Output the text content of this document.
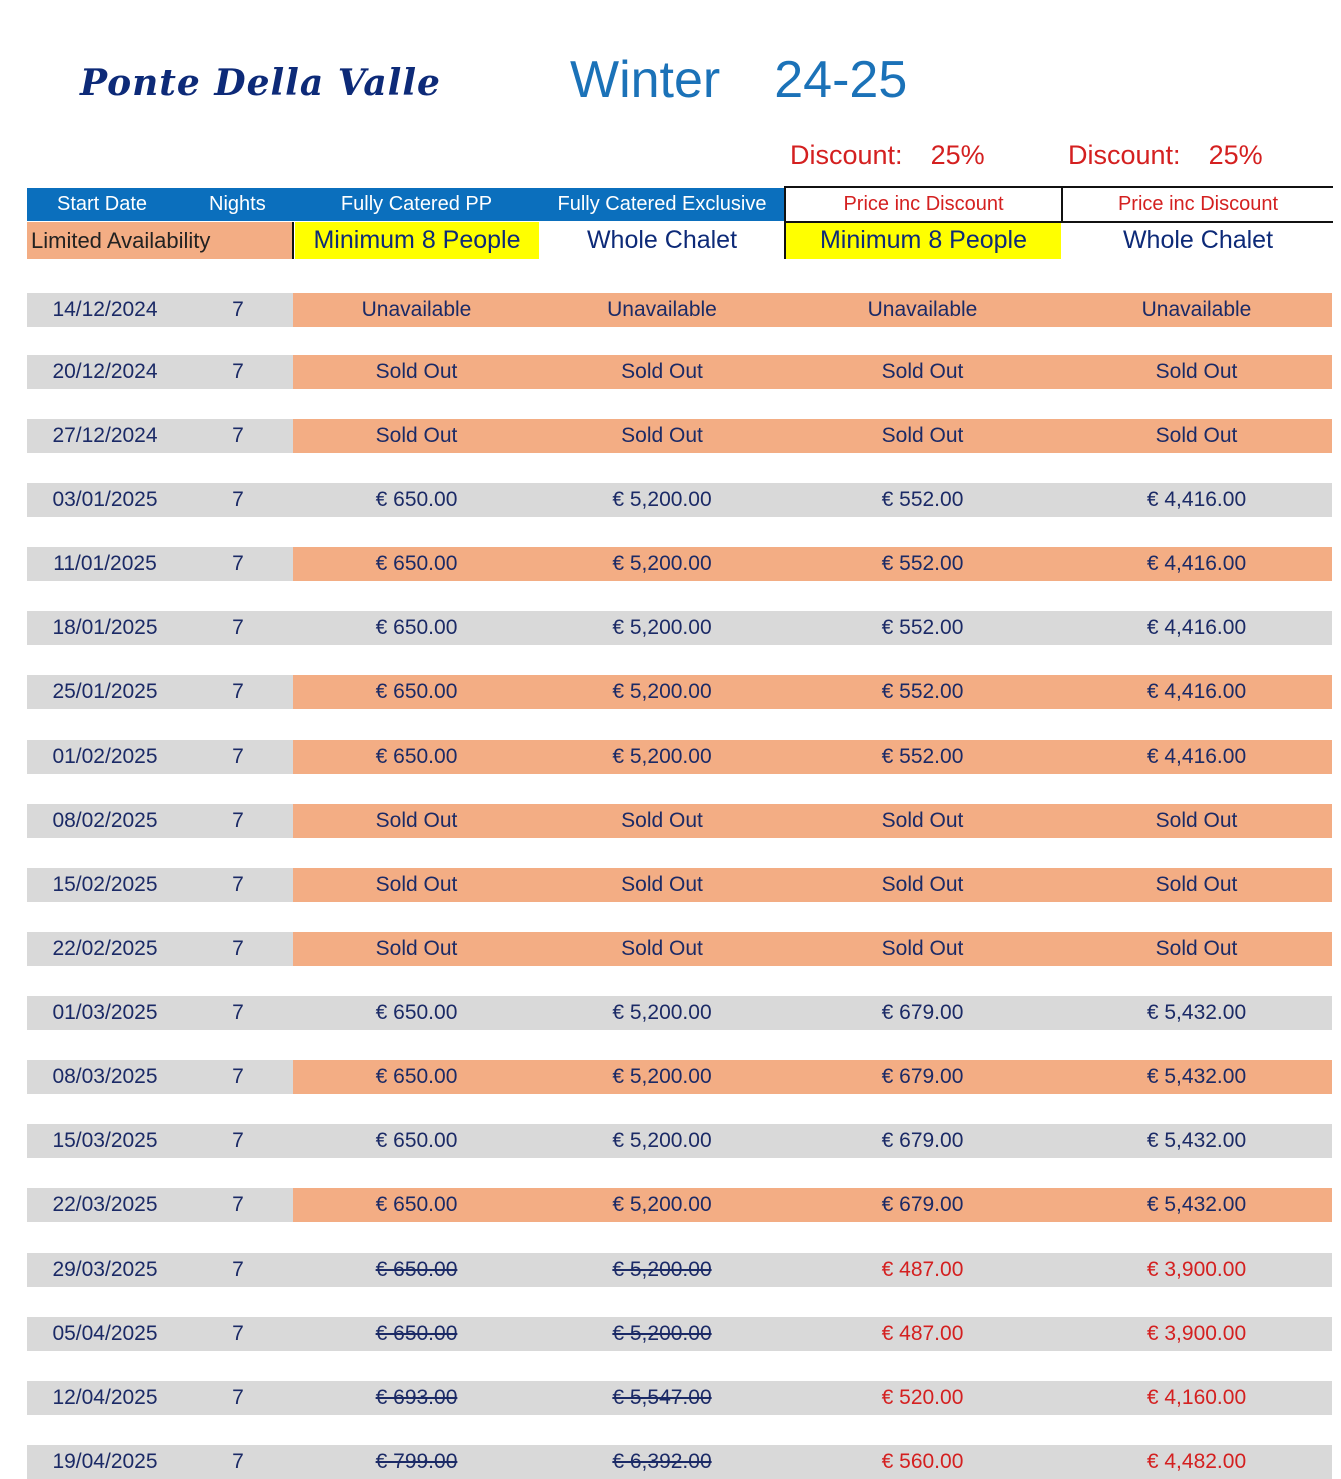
Ponte Della Valle Winter 24-25
Discount: 25%	Discount: 25%
Start Date	Nights	Fully Catered PP	Fully Catered Exclusive	Price inc Discount	Price inc Discount
Limited Availability	Minimum 8 People	Whole Chalet	Minimum 8 People	Whole Chalet
14/12/2024	7	Unavailable	Unavailable	Unavailable	Unavailable
20/12/2024	7	Sold Out	Sold Out	Sold Out	Sold Out
27/12/2024	7	Sold Out	Sold Out	Sold Out	Sold Out
03/01/2025	7	€ 650.00	€ 5,200.00	€ 552.00	€ 4,416.00
11/01/2025	7	€ 650.00	€ 5,200.00	€ 552.00	€ 4,416.00
18/01/2025	7	€ 650.00	€ 5,200.00	€ 552.00	€ 4,416.00
25/01/2025	7	€ 650.00	€ 5,200.00	€ 552.00	€ 4,416.00
01/02/2025	7	€ 650.00	€ 5,200.00	€ 552.00	€ 4,416.00
08/02/2025	7	Sold Out	Sold Out	Sold Out	Sold Out
15/02/2025	7	Sold Out	Sold Out	Sold Out	Sold Out
22/02/2025	7	Sold Out	Sold Out	Sold Out	Sold Out
01/03/2025	7	€ 650.00	€ 5,200.00	€ 679.00	€ 5,432.00
08/03/2025	7	€ 650.00	€ 5,200.00	€ 679.00	€ 5,432.00
15/03/2025	7	€ 650.00	€ 5,200.00	€ 679.00	€ 5,432.00
22/03/2025	7	€ 650.00	€ 5,200.00	€ 679.00	€ 5,432.00
29/03/2025	7	€ 650.00	€ 5,200.00	€ 487.00	€ 3,900.00
05/04/2025	7	€ 650.00	€ 5,200.00	€ 487.00	€ 3,900.00
12/04/2025	7	€ 693.00	€ 5,547.00	€ 520.00	€ 4,160.00
19/04/2025	7	€ 799.00	€ 6,392.00	€ 560.00	€ 4,482.00
